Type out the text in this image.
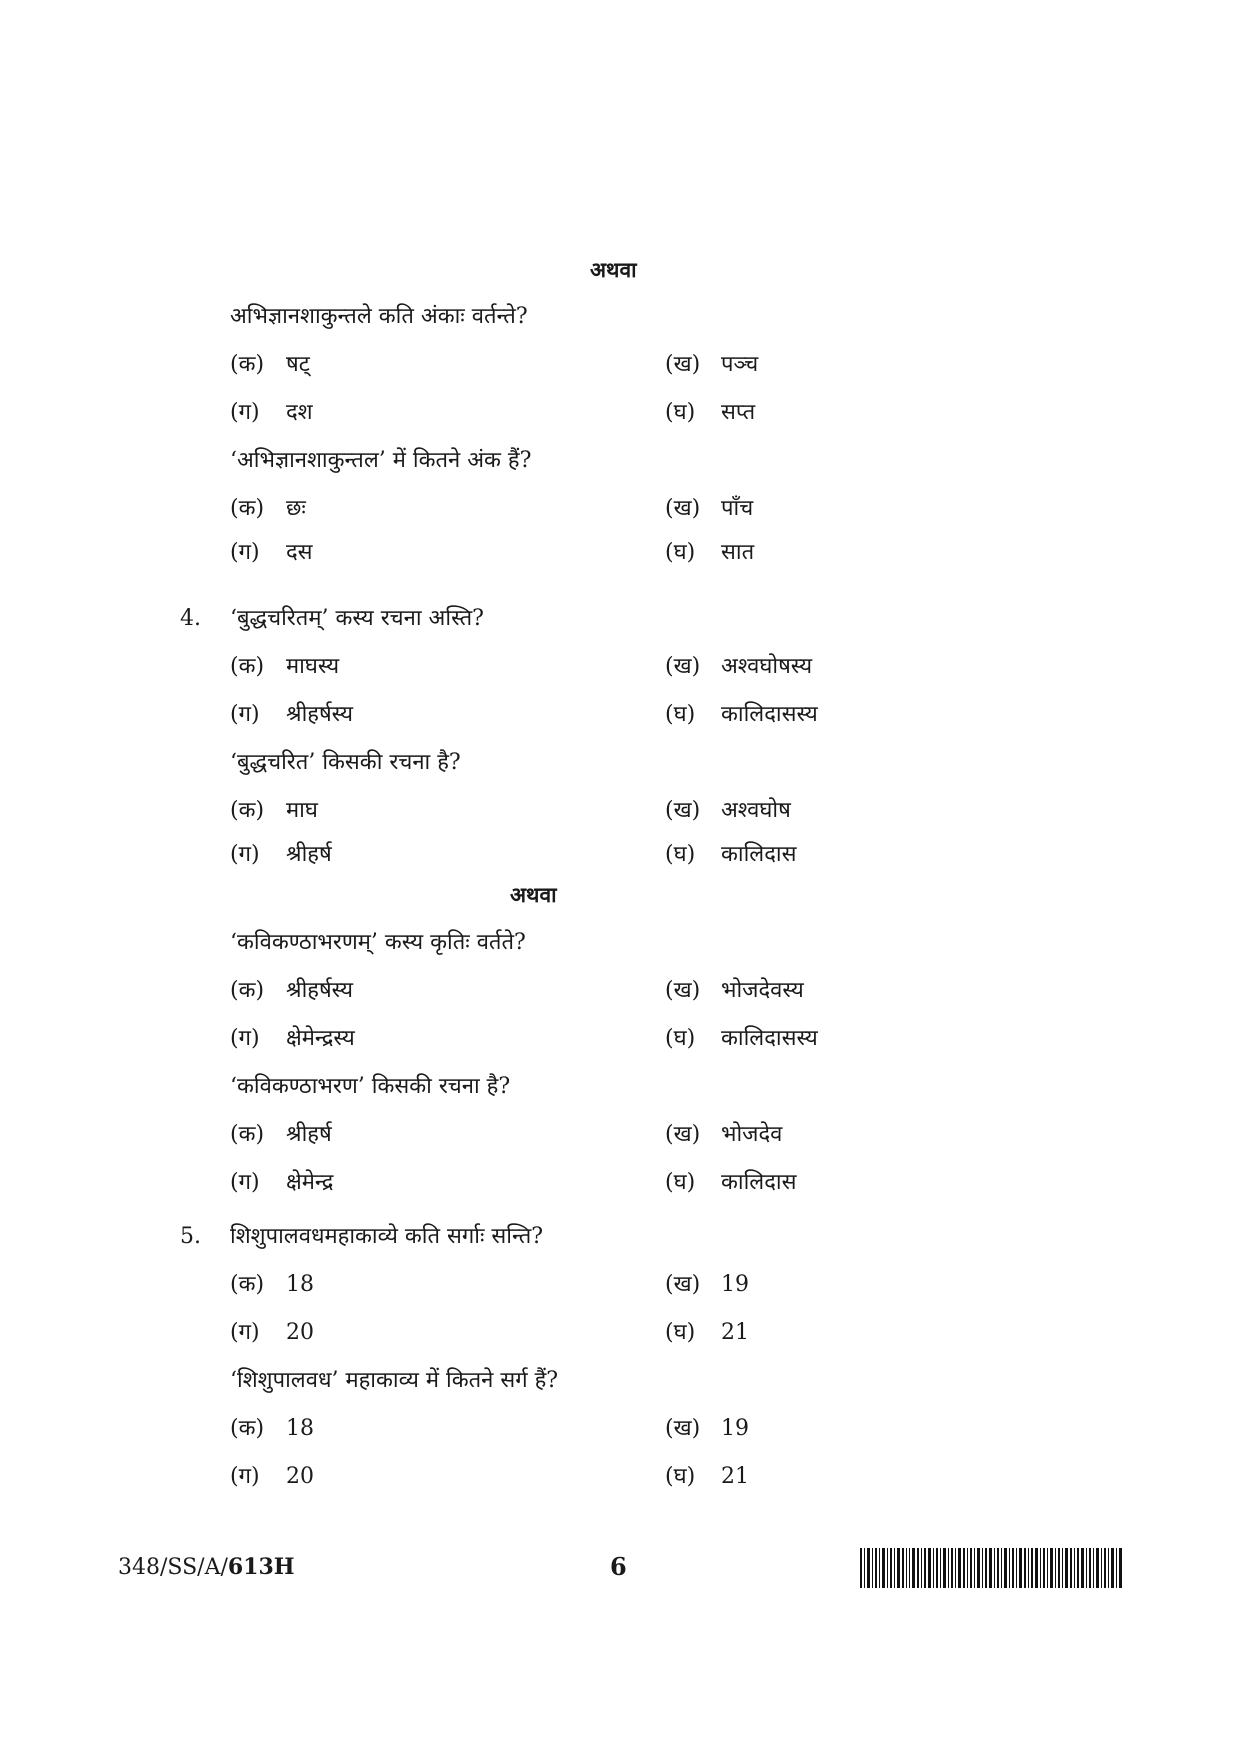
अथवा
अभिज्ञानशाकुन्तले कति अंकाः वर्तन्ते?
(क) षट्	(ख) पञ्च
(ग) दश	(घ) सप्त
‘अभिज्ञानशाकुन्तल’ में कितने अंक हैं?
(क) छः	(ख) पाँच
(ग) दस	(घ) सात
4. ‘बुद्धचरितम्’ कस्य रचना अस्ति?
(क) माघस्य	(ख) अश्वघोषस्य
(ग) श्रीहर्षस्य	(घ) कालिदासस्य
‘बुद्धचरित’ किसकी रचना है?
(क) माघ	(ख) अश्वघोष
(ग) श्रीहर्ष	(घ) कालिदास
अथवा
‘कविकण्ठाभरणम्’ कस्य कृतिः वर्तते?
(क) श्रीहर्षस्य	(ख) भोजदेवस्य
(ग) क्षेमेन्द्रस्य	(घ) कालिदासस्य
‘कविकण्ठाभरण’ किसकी रचना है?
(क) श्रीहर्ष	(ख) भोजदेव
(ग) क्षेमेन्द्र	(घ) कालिदास
5. शिशुपालवधमहाकाव्ये कति सर्गाः सन्ति?
(क) 18	(ख) 19
(ग) 20	(घ) 21
‘शिशुपालवध’ महाकाव्य में कितने सर्ग हैं?
(क) 18	(ख) 19
(ग) 20	(घ) 21
348/SS/A/613H	6
